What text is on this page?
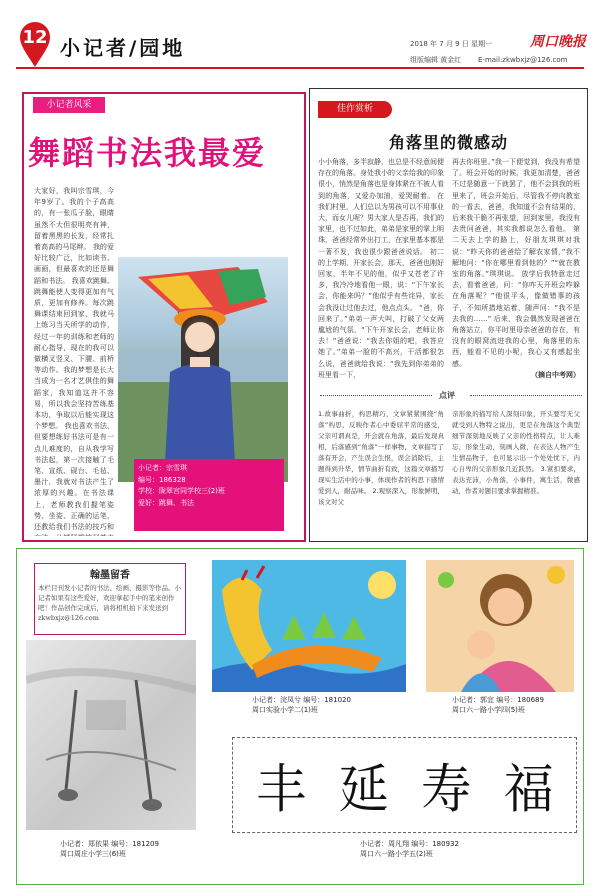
12 小记者/园地	2018 年 7 月 9 日 星期一
组版编辑 黄金红
周口晚报
E-mail:zkwbxjz@126.com
小记者风采
舞蹈书法我最爱
大家好，我叫宗雪琪，今年9岁了。我的个子高高的，有一张瓜子脸，眼睛虽然不大但很明亮有神，留着黑黑的长发，经常扎着高高的马尾辫。 我的爱好比较广泛，比如读书、画画，但最喜欢的还是舞蹈和书法。 我喜欢跳舞。跳舞能使人变得更加有气质，更加有修养。每次跳舞课结束回到家，我就马上练习当天所学的动作，经过一年的训练和老师的耐心指导，现在的我可以做横叉竖叉、下腰、前桥等动作。我的梦想是长大当成为一名才艺俱佳的舞蹈家，我知道这并不容易，所以我会坚持苦练基本功，争取以后能实现这个梦想。 我也喜欢书法，但要想练好书法可是有一点儿难度的，自从我学写书法起，第一次接触了毛笔、宣纸、砚台、毛毡、墨汁，我就对书法产生了浓厚的兴趣。在书法课上，老师教我们握笔姿势、坐姿、正确的运笔，还教给我们书法的技巧和
小记者：宗雪琪
编号：186328
学校：陇翠宫同学校三(2)班
爱好：跳舞、书法
佳作赏析
角落里的微感动
小小角落，多半寂静，也总是不经意间便存在的角落。身处我小的父亲给我的印象很小，悄然是角落也是身体紧在不被人看到的角落，又爱办加油，爱哭耐着。 在我们村里，人们总以为男孩可以不用事业大，而女儿呢？男大家人是否再，我们的家里，也不过如此，弟弟是家里的掌上明珠，爸爸经常外出打工，在家里基本都是一著不发，我也很少跟爸爸说话。 初二的上学期，开家长会，那天，爸爸也刚好回家，半年不见的他，似乎又苍老了许多，我冷冷地看他一眼，说：“下午家长会，你能来吗？”他似乎有些诧异，家长会我没让过他去过，他点点头。 “爸，你回来了。”弟弟一声大叫，打破了父女两尴尬的气氛，“下午开家长会，老师让你去！”爸爸说：“我去你姐的吧，我答应她了。”弟弟一脸的不高兴，干活都很怎么说，爸爸就给我说：“我先到你弟弟的班里看一下，
再去你班里。”我一下便觉到，我没有希望了。班会开始的时候，我更加清楚，爸爸不过是随意一下就罢了，他不会到我的班里来了，班会开始后，尽管我不停向教室的一看去，爸爸，我知道不会有结果的，后来我干脆不再张望，回到家里，我没有去贵问爸爸，其实我都说怎么看他。 第二天去上学的路上，好朋友琪琪对我说：“昨天你的爸爸给了解农家情，”我不解地问：“你在哪里看到他的？”“就在教室的角落。”琪琪说。 放学后我特意走过去，看着爸爸，问：“你咋天开班会咋躲在角落呢？”他很平头，像做错事的孩子，不知所措地站着，随声问：“我不是去我的……” 后来，我会偶然发现爸爸在角落站立，你平时里母亲爸爸的存在，有没有的眼窝流进我的心里，角落里的东西，能看不见的小呢，我心又有感起坐感。
（摘自中考网）
点评
1.故事曲折，构思精巧，文章紧紧围绕“角落”构思，反映作者心中委屈平常的感受，父亲可谓真是，开会就在角落，最后发现真相，后落感到“角落”一样事物，文章描写了落有开会，产生误会生恨，误会消除后，主题得到升华，情节曲折有致，这篇文章描写现实生活中的小事，体现作者的构思下感情爱到人，耐品味。 2.观察深入，形象鲜明，该文对父
亲形象的描写给人深刻印象，开头要写无父就受到人物特之说出，更是在角落这个典型细节深刻地反映了父亲的性格特点，让人难忘，形象生动，刻画入微，在表达人物产生生情品物子，也可显示出一个处处忧下，内心自卑的父亲形象几近跃然。 3.紧扣要求，表达充沛，小角落，小事件，寓生活，微感动，作者对题目要求掌握精准。
翰墨留香
本栏目刊发小记者的书法、绘画、摄影等作品。小记者如果有这些爱好，欢迎拿起手中的笔来创作吧！作品创作完成后，请将相机拍下来发送到 zkwbxjz@126.com
小记者：浣凤兮 编号：181020
周口实验小学二(1)班
小记者：郭宜 编号：180689
周口六一路小学四(5)班
丰 延 寿 福
小记者：郑依果 编号：181209
周口周庄小学三(6)班
小记者：周凡翔 编号：180932
周口六一路小学五(2)班
